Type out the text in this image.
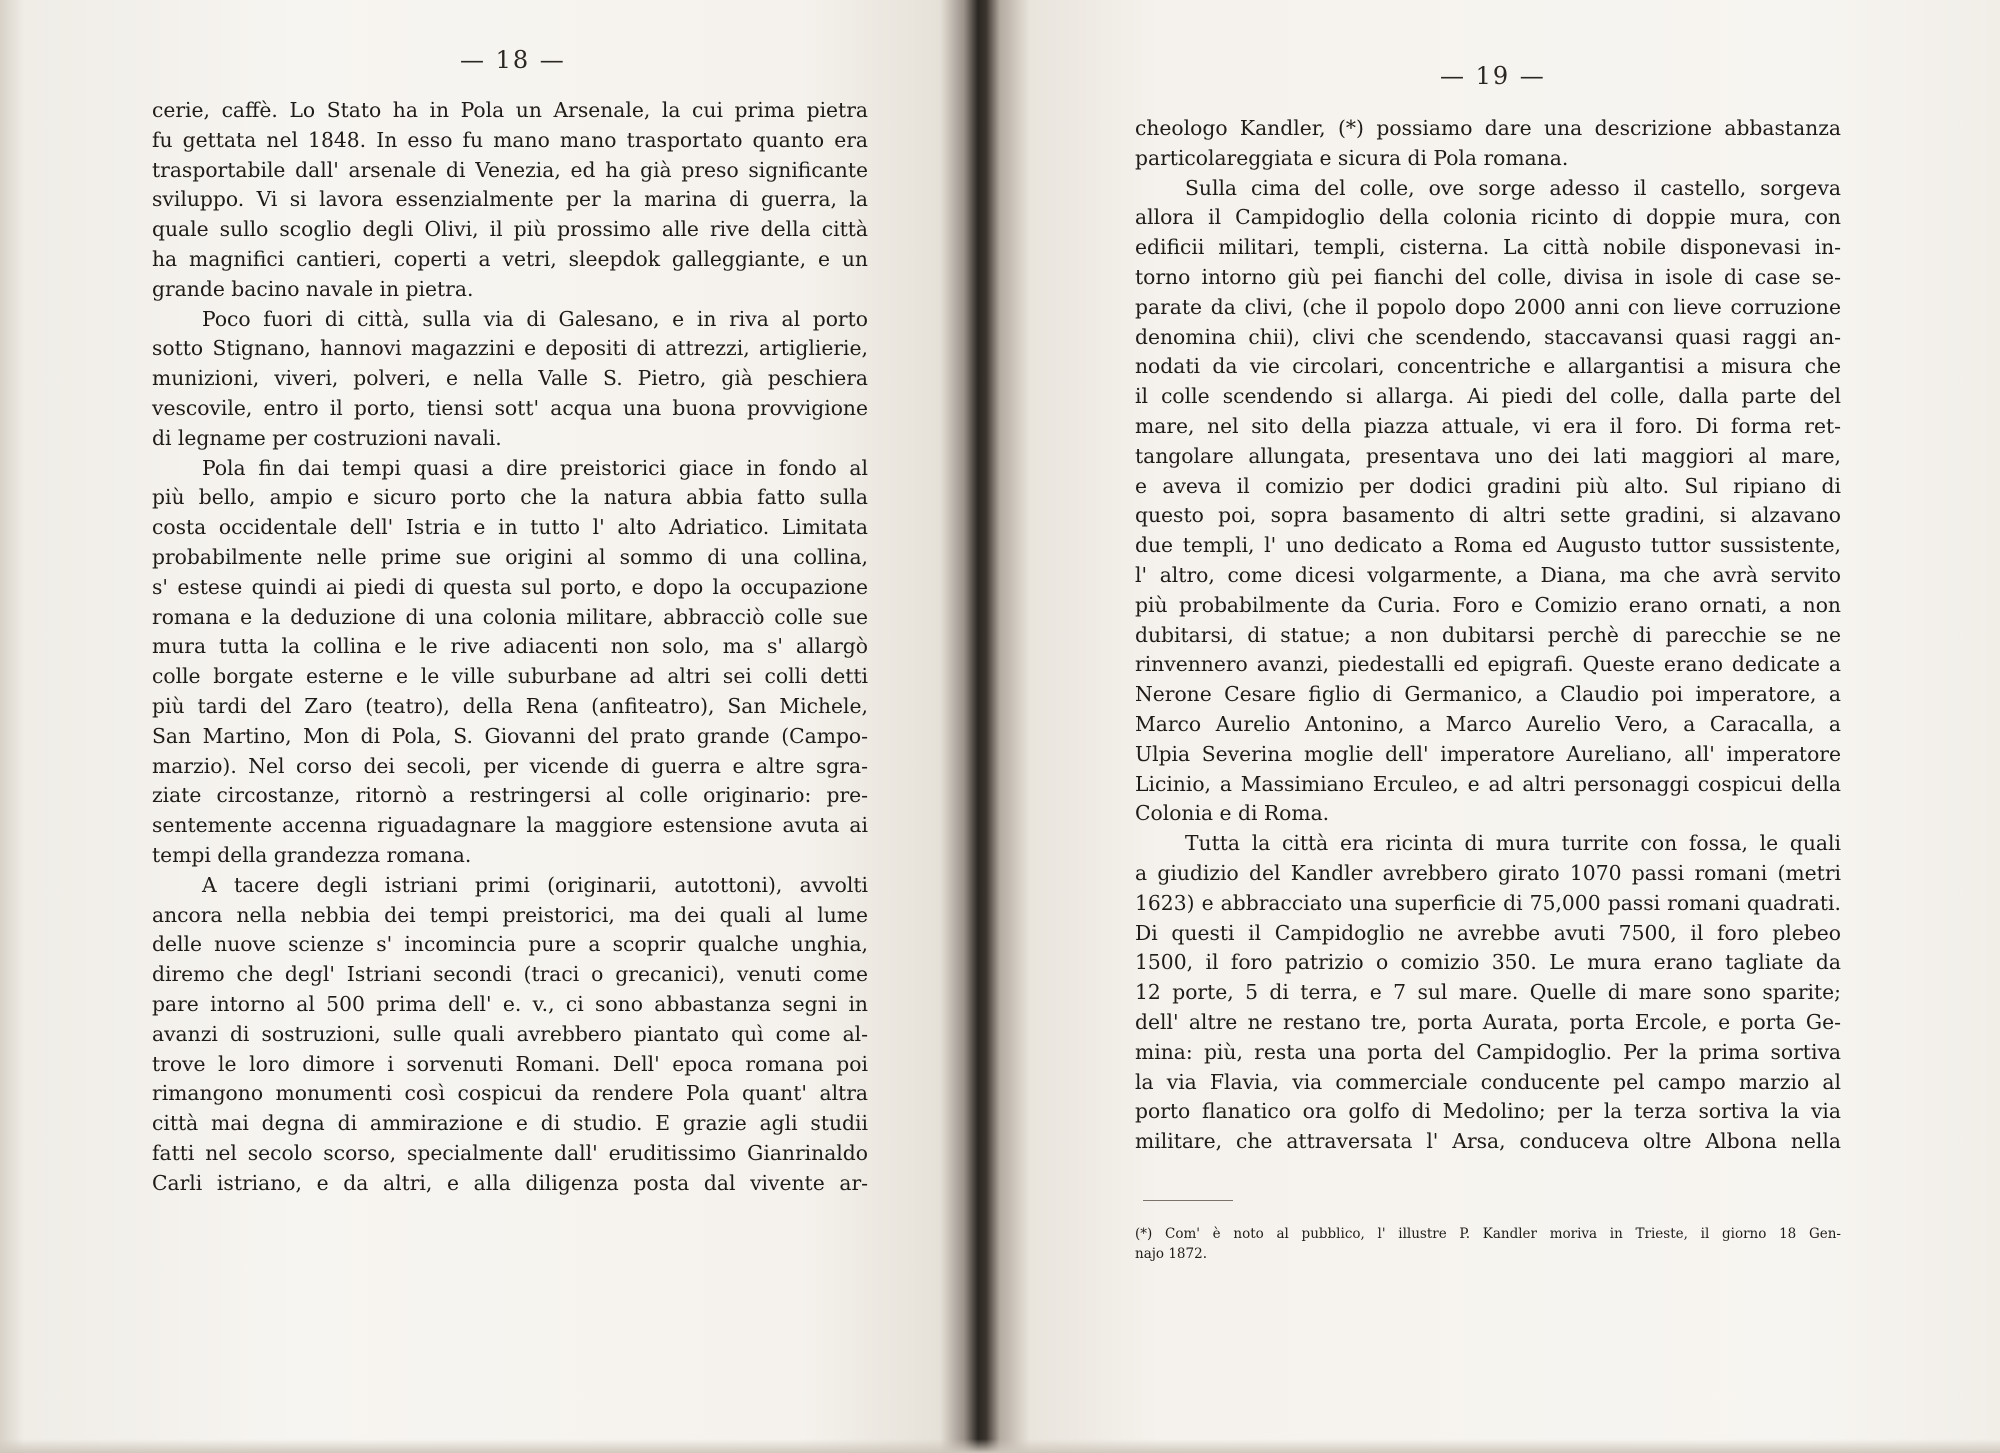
— 18 —
cerie, caffè. Lo Stato ha in Pola un Arsenale, la cui prima pietra
fu gettata nel 1848. In esso fu mano mano trasportato quanto era
trasportabile dall' arsenale di Venezia, ed ha già preso significante
sviluppo. Vi si lavora essenzialmente per la marina di guerra, la
quale sullo scoglio degli Olivi, il più prossimo alle rive della città
ha magnifici cantieri, coperti a vetri, sleepdok galleggiante, e un
grande bacino navale in pietra.
Poco fuori di città, sulla via di Galesano, e in riva al porto
sotto Stignano, hannovi magazzini e depositi di attrezzi, artiglierie,
munizioni, viveri, polveri, e nella Valle S. Pietro, già peschiera
vescovile, entro il porto, tiensi sott' acqua una buona provvigione
di legname per costruzioni navali.
Pola fin dai tempi quasi a dire preistorici giace in fondo al
più bello, ampio e sicuro porto che la natura abbia fatto sulla
costa occidentale dell' Istria e in tutto l' alto Adriatico. Limitata
probabilmente nelle prime sue origini al sommo di una collina,
s' estese quindi ai piedi di questa sul porto, e dopo la occupazione
romana e la deduzione di una colonia militare, abbracciò colle sue
mura tutta la collina e le rive adiacenti non solo, ma s' allargò
colle borgate esterne e le ville suburbane ad altri sei colli detti
più tardi del Zaro (teatro), della Rena (anfiteatro), San Michele,
San Martino, Mon di Pola, S. Giovanni del prato grande (Campo-
marzio). Nel corso dei secoli, per vicende di guerra e altre sgra-
ziate circostanze, ritornò a restringersi al colle originario: pre-
sentemente accenna riguadagnare la maggiore estensione avuta ai
tempi della grandezza romana.
A tacere degli istriani primi (originarii, autottoni), avvolti
ancora nella nebbia dei tempi preistorici, ma dei quali al lume
delle nuove scienze s' incomincia pure a scoprir qualche unghia,
diremo che degl' Istriani secondi (traci o grecanici), venuti come
pare intorno al 500 prima dell' e. v., ci sono abbastanza segni in
avanzi di sostruzioni, sulle quali avrebbero piantato quì come al-
trove le loro dimore i sorvenuti Romani. Dell' epoca romana poi
rimangono monumenti così cospicui da rendere Pola quant' altra
città mai degna di ammirazione e di studio. E grazie agli studii
fatti nel secolo scorso, specialmente dall' eruditissimo Gianrinaldo
Carli istriano, e da altri, e alla diligenza posta dal vivente ar-
— 19 —
cheologo Kandler, (*) possiamo dare una descrizione abbastanza
particolareggiata e sicura di Pola romana.
Sulla cima del colle, ove sorge adesso il castello, sorgeva
allora il Campidoglio della colonia ricinto di doppie mura, con
edificii militari, templi, cisterna. La città nobile disponevasi in-
torno intorno giù pei fianchi del colle, divisa in isole di case se-
parate da clivi, (che il popolo dopo 2000 anni con lieve corruzione
denomina chii), clivi che scendendo, staccavansi quasi raggi an-
nodati da vie circolari, concentriche e allargantisi a misura che
il colle scendendo si allarga. Ai piedi del colle, dalla parte del
mare, nel sito della piazza attuale, vi era il foro. Di forma ret-
tangolare allungata, presentava uno dei lati maggiori al mare,
e aveva il comizio per dodici gradini più alto. Sul ripiano di
questo poi, sopra basamento di altri sette gradini, si alzavano
due templi, l' uno dedicato a Roma ed Augusto tuttor sussistente,
l' altro, come dicesi volgarmente, a Diana, ma che avrà servito
più probabilmente da Curia. Foro e Comizio erano ornati, a non
dubitarsi, di statue; a non dubitarsi perchè di parecchie se ne
rinvennero avanzi, piedestalli ed epigrafi. Queste erano dedicate a
Nerone Cesare figlio di Germanico, a Claudio poi imperatore, a
Marco Aurelio Antonino, a Marco Aurelio Vero, a Caracalla, a
Ulpia Severina moglie dell' imperatore Aureliano, all' imperatore
Licinio, a Massimiano Erculeo, e ad altri personaggi cospicui della
Colonia e di Roma.
Tutta la città era ricinta di mura turrite con fossa, le quali
a giudizio del Kandler avrebbero girato 1070 passi romani (metri
1623) e abbracciato una superficie di 75,000 passi romani quadrati.
Di questi il Campidoglio ne avrebbe avuti 7500, il foro plebeo
1500, il foro patrizio o comizio 350. Le mura erano tagliate da
12 porte, 5 di terra, e 7 sul mare. Quelle di mare sono sparite;
dell' altre ne restano tre, porta Aurata, porta Ercole, e porta Ge-
mina: più, resta una porta del Campidoglio. Per la prima sortiva
la via Flavia, via commerciale conducente pel campo marzio al
porto flanatico ora golfo di Medolino; per la terza sortiva la via
militare, che attraversata l' Arsa, conduceva oltre Albona nella
(*) Com' è noto al pubblico, l' illustre P. Kandler moriva in Trieste, il giorno 18 Gen-
najo 1872.
